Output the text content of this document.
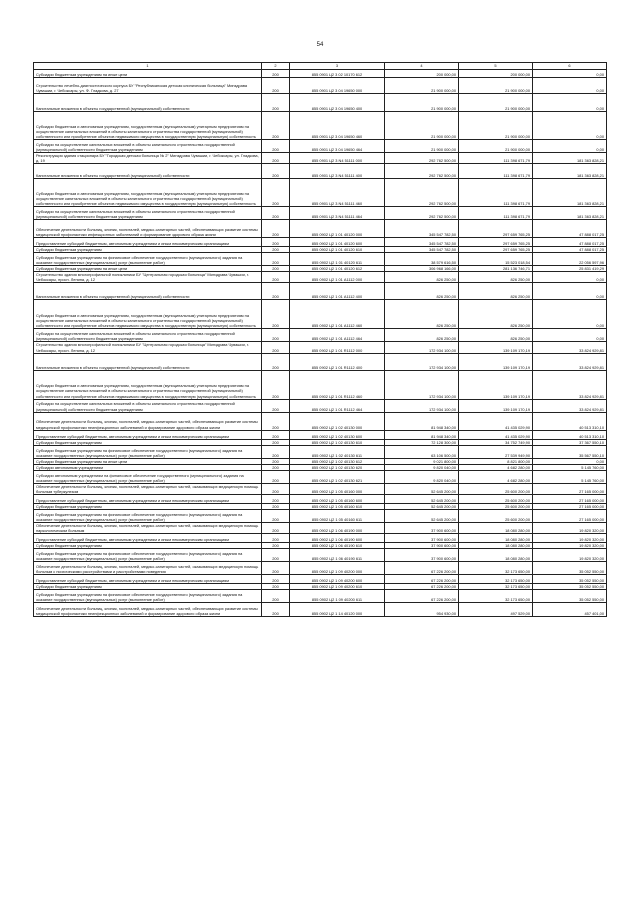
54
1	2	3	4	5	6
Субсидии бюджетным учреждениям на иные цели	200	855 0901 Ц2 3 02 10170 612	200 000,00	200 000,00	0,00
Строительство лечебно-диагностического корпуса БУ "Республиканская детская клиническая больница" Минздрава Чувашии, г. Чебоксары, ул. Ф. Гладкова, д. 27	200	855 0901 Ц2 3 04 19650 000	21 900 000,00	21 900 000,00	0,00
Капитальные вложения в объекты государственной (муниципальной) собственности	200	855 0901 Ц2 3 04 19650 400	21 900 000,00	21 900 000,00	0,00
Субсидии бюджетным и автономным учреждениям, государственным (муниципальным) унитарным предприятиям на осуществление капитальных вложений в объекты капитального строительства государственной (муниципальной) собственности или приобретение объектов недвижимого имущества в государственную (муниципальную) собственность	200	855 0901 Ц2 3 04 19650 460	21 900 000,00	21 900 000,00	0,00
Субсидии на осуществление капитальных вложений в объекты капитального строительства государственной (муниципальной) собственности бюджетным учреждениям	200	855 0901 Ц2 3 04 19650 464	21 900 000,00	21 900 000,00	0,00
Реконструкция здания стационара БУ "Городская детская больница № 2" Минздрава Чувашии, г. Чебоксары, ул. Гладкова, д. 19	200	855 0901 Ц2 3 N4 51111 000	292 762 500,00	111 398 671,79	181 363 828,21
Капитальные вложения в объекты государственной (муниципальной) собственности	200	855 0901 Ц2 3 N4 51111 400	292 762 500,00	111 398 671,79	181 363 828,21
Субсидии бюджетным и автономным учреждениям, государственным (муниципальным) унитарным предприятиям на осуществление капитальных вложений в объекты капитального строительства государственной (муниципальной) собственности или приобретение объектов недвижимого имущества в государственную (муниципальную) собственность	200	855 0901 Ц2 3 N4 51111 460	292 762 500,00	111 398 671,79	181 363 828,21
Субсидии на осуществление капитальных вложений в объекты капитального строительства государственной (муниципальной) собственности бюджетным учреждениям	200	855 0901 Ц2 3 N4 51111 464	292 762 500,00	111 398 671,79	181 363 828,21
Обеспечение деятельности больниц, клиник, госпиталей, медико-санитарных частей, обеспечивающих развитие системы медицинской профилактики инфекционных заболеваний и формирование здорового образа жизни	200	855 0902 Ц2 1 01 40120 000	345 547 782,50	297 659 765,25	47 888 017,25
Предоставление субсидий бюджетным, автономным учреждениям и иным некоммерческим организациям	200	855 0902 Ц2 1 01 40120 600	345 547 782,50	297 659 765,25	47 888 017,25
Субсидии бюджетным учреждениям	200	855 0902 Ц2 1 01 40120 610	345 547 782,50	297 659 765,25	47 888 017,25
Субсидии бюджетным учреждениям на финансовое обеспечение государственного (муниципального) задания на оказание государственных (муниципальных) услуг (выполнение работ)	200	855 0902 Ц2 1 01 40120 611	38 579 616,50	15 523 018,54	22 056 597,96
Субсидии бюджетным учреждениям на иные цели	200	855 0902 Ц2 1 01 40120 612	306 968 166,00	281 136 746,71	25 831 419,29
Строительство здания многопрофильной поликлиники БУ "Центральная городская больница" Минздрава Чувашии, г. Чебоксары, просп. Ленина, д. 12	200	855 0902 Ц2 1 01 А1112 000	826 250,00	826 250,00	0,00
Капитальные вложения в объекты государственной (муниципальной) собственности	200	855 0902 Ц2 1 01 А1112 400	826 250,00	826 250,00	0,00
Субсидии бюджетным и автономным учреждениям, государственным (муниципальным) унитарным предприятиям на осуществление капитальных вложений в объекты капитального строительства государственной (муниципальной) собственности или приобретение объектов недвижимого имущества в государственную (муниципальную) собственность	200	855 0902 Ц2 1 01 А1112 460	826 250,00	826 250,00	0,00
Субсидии на осуществление капитальных вложений в объекты капитального строительства государственной (муниципальной) собственности бюджетным учреждениям	200	855 0902 Ц2 1 01 А1112 464	826 250,00	826 250,00	0,00
Строительство здания многопрофильной поликлиники БУ "Центральная городская больница" Минздрава Чувашии, г. Чебоксары, просп. Ленина, д. 12	200	855 0902 Ц2 1 01 R1112 000	172 934 100,00	139 109 170,19	33 824 929,81
Капитальные вложения в объекты государственной (муниципальной) собственности	200	855 0902 Ц2 1 01 R1112 400	172 934 100,00	139 109 170,19	33 824 929,81
Субсидии бюджетным и автономным учреждениям, государственным (муниципальным) унитарным предприятиям на осуществление капитальных вложений в объекты капитального строительства государственной (муниципальной) собственности или приобретение объектов недвижимого имущества в государственную (муниципальную) собственность	200	855 0902 Ц2 1 01 R1112 460	172 934 100,00	139 109 170,19	33 824 929,81
Субсидии на осуществление капитальных вложений в объекты капитального строительства государственной (муниципальной) собственности бюджетным учреждениям	200	855 0902 Ц2 1 01 R1112 464	172 934 100,00	139 109 170,19	33 824 929,81
Обеспечение деятельности больниц, клиник, госпиталей, медико-санитарных частей, обеспечивающих развитие системы медицинской профилактики неинфекционных заболеваний и формирование здорового образа жизни	200	855 0902 Ц2 1 02 40130 000	81 948 340,00	41 435 029,90	40 513 310,10
Предоставление субсидий бюджетным, автономным учреждениям и иным некоммерческим организациям	200	855 0902 Ц2 1 02 40130 600	81 948 340,00	41 435 029,90	40 513 310,10
Субсидии бюджетным учреждениям	200	855 0902 Ц2 1 02 40130 610	72 128 300,00	34 752 749,90	37 367 550,10
Субсидии бюджетным учреждениям на финансовое обеспечение государственного (муниципального) задания на оказание государственных (муниципальных) услуг (выполнение работ)	200	855 0902 Ц2 1 02 40130 611	63 106 500,00	27 539 949,90	35 567 550,10
Субсидии бюджетным учреждениям на иные цели	200	855 0902 Ц2 1 02 40130 612	9 021 800,00	8 821 800,00	0,00
Субсидии автономным учреждениям	200	855 0902 Ц2 1 02 40130 620	9 820 040,00	4 682 280,00	5 145 760,00
Субсидии автономным учреждениям на финансовое обеспечение государственного (муниципального) задания на оказание государственных (муниципальных) услуг (выполнение работ)	200	855 0902 Ц2 1 02 40130 621	9 820 040,00	4 682 280,00	5 145 760,00
Обеспечение деятельности больниц, клиник, госпиталей, медико-санитарных частей, оказывающих медицинскую помощь больным туберкулезом	200	855 0902 Ц2 1 05 40160 000	52 645 200,00	25 600 200,00	27 165 000,00
Предоставление субсидий бюджетным, автономным учреждениям и иным некоммерческим организациям	200	855 0902 Ц2 1 05 40160 600	52 645 200,00	25 600 200,00	27 165 000,00
Субсидии бюджетным учреждениям	200	855 0902 Ц2 1 05 40160 610	52 645 200,00	25 600 200,00	27 165 000,00
Субсидии бюджетным учреждениям на финансовое обеспечение государственного (муниципального) задания на оказание государственных (муниципальных) услуг (выполнение работ)	200	855 0902 Ц2 1 05 40160 611	52 645 200,00	25 600 200,00	27 165 000,00
Обеспечение деятельности больниц, клиник, госпиталей, медико-санитарных частей, оказывающих медицинскую помощь наркологическим больным	200	855 0902 Ц2 1 06 40190 000	37 900 600,00	18 080 280,00	19 820 320,00
Предоставление субсидий бюджетным, автономным учреждениям и иным некоммерческим организациям	200	855 0902 Ц2 1 06 40190 600	37 900 600,00	18 080 280,00	19 820 320,00
Субсидии бюджетным учреждениям	200	855 0902 Ц2 1 06 40190 610	37 900 600,00	18 080 280,00	19 820 320,00
Субсидии бюджетным учреждениям на финансовое обеспечение государственного (муниципального) задания на оказание государственных (муниципальных) услуг (выполнение работ)	200	855 0902 Ц2 1 06 40190 611	37 900 600,00	18 080 280,00	19 820 320,00
Обеспечение деятельности больниц, клиник, госпиталей, медико-санитарных частей, оказывающих медицинскую помощь больным с психическими расстройствами и расстройствами поведения	200	855 0902 Ц2 1 09 40200 000	67 226 200,00	32 173 650,00	35 052 550,00
Предоставление субсидий бюджетным, автономным учреждениям и иным некоммерческим организациям	200	855 0902 Ц2 1 09 40200 600	67 226 200,00	32 173 650,00	35 052 550,00
Субсидии бюджетным учреждениям	200	855 0902 Ц2 1 09 40200 610	67 226 200,00	32 173 650,00	35 052 550,00
Субсидии бюджетным учреждениям на финансовое обеспечение государственного (муниципального) задания на оказание государственных (муниципальных) услуг (выполнение работ)	200	855 0902 Ц2 1 09 40200 611	67 226 200,00	32 173 650,00	35 052 550,00
Обеспечение деятельности больниц, клиник, госпиталей, медико-санитарных частей, обеспечивающих развитие системы медицинской профилактики неинфекционных заболеваний и формирование здорового образа жизни	200	855 0902 Ц2 1 14 40120 000	954 930,00	497 529,00	457 401,00
